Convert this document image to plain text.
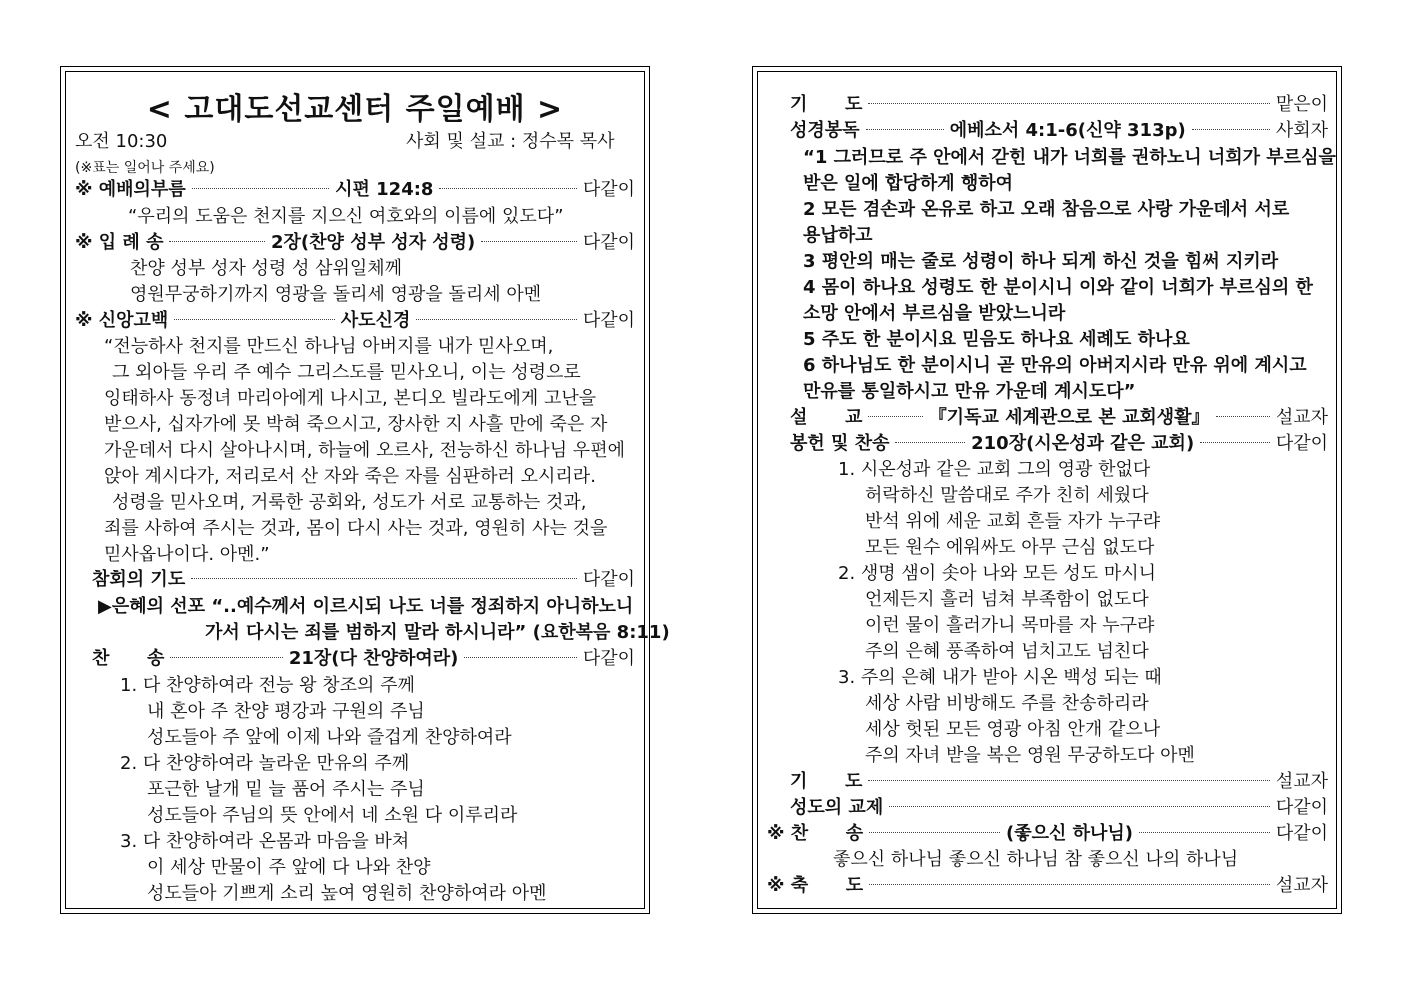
< 고대도선교센터 주일예배 >
오전 10:30	사회 및 설교 : 정수목 목사
(※표는 일어나 주세요)
※ 예배의부름	시편 124:8	다같이
“우리의 도움은 천지를 지으신 여호와의 이름에 있도다”
※ 입 례 송	2장(찬양 성부 성자 성령)	다같이
찬양 성부 성자 성령 성 삼위일체께
영원무궁하기까지 영광을 돌리세 영광을 돌리세 아멘
※ 신앙고백	사도신경	다같이
“전능하사 천지를 만드신 하나님 아버지를 내가 믿사오며,
그 외아들 우리 주 예수 그리스도를 믿사오니, 이는 성령으로
잉태하사 동정녀 마리아에게 나시고, 본디오 빌라도에게 고난을
받으사, 십자가에 못 박혀 죽으시고, 장사한 지 사흘 만에 죽은 자
가운데서 다시 살아나시며, 하늘에 오르사, 전능하신 하나님 우편에
앉아 계시다가, 저리로서 산 자와 죽은 자를 심판하러 오시리라.
성령을 믿사오며, 거룩한 공회와, 성도가 서로 교통하는 것과,
죄를 사하여 주시는 것과, 몸이 다시 사는 것과, 영원히 사는 것을
믿사옵나이다. 아멘.”
참회의 기도	다같이
▶은혜의 선포 “..예수께서 이르시되 나도 너를 정죄하지 아니하노니
가서 다시는 죄를 범하지 말라 하시니라” (요한복음 8:11)
찬      송	21장(다 찬양하여라)	다같이
1. 다 찬양하여라 전능 왕 창조의 주께
내 혼아 주 찬양 평강과 구원의 주님
성도들아 주 앞에 이제 나와 즐겁게 찬양하여라
2. 다 찬양하여라 놀라운 만유의 주께
포근한 날개 밑 늘 품어 주시는 주님
성도들아 주님의 뜻 안에서 네 소원 다 이루리라
3. 다 찬양하여라 온몸과 마음을 바쳐
이 세상 만물이 주 앞에 다 나와 찬양
성도들아 기쁘게 소리 높여 영원히 찬양하여라 아멘
기      도	맡은이
성경봉독	에베소서 4:1-6(신약 313p)	사회자
“1 그러므로 주 안에서 갇힌 내가 너희를 권하노니 너희가 부르심을
받은 일에 합당하게 행하여
2 모든 겸손과 온유로 하고 오래 참음으로 사랑 가운데서 서로
용납하고
3 평안의 매는 줄로 성령이 하나 되게 하신 것을 힘써 지키라
4 몸이 하나요 성령도 한 분이시니 이와 같이 너희가 부르심의 한
소망 안에서 부르심을 받았느니라
5 주도 한 분이시요 믿음도 하나요 세례도 하나요
6 하나님도 한 분이시니 곧 만유의 아버지시라 만유 위에 계시고
만유를 통일하시고 만유 가운데 계시도다”
설      교	『기독교 세계관으로 본 교회생활』	설교자
봉헌 및 찬송	210장(시온성과 같은 교회)	다같이
1. 시온성과 같은 교회 그의 영광 한없다
허락하신 말씀대로 주가 친히 세웠다
반석 위에 세운 교회 흔들 자가 누구랴
모든 원수 에워싸도 아무 근심 없도다
2. 생명 샘이 솟아 나와 모든 성도 마시니
언제든지 흘러 넘쳐 부족함이 없도다
이런 물이 흘러가니 목마를 자 누구랴
주의 은혜 풍족하여 넘치고도 넘친다
3. 주의 은혜 내가 받아 시온 백성 되는 때
세상 사람 비방해도 주를 찬송하리라
세상 헛된 모든 영광 아침 안개 같으나
주의 자녀 받을 복은 영원 무궁하도다 아멘
기      도	설교자
성도의 교제	다같이
※ 찬      송	(좋으신 하나님)	다같이
좋으신 하나님 좋으신 하나님 참 좋으신 나의 하나님
※ 축      도	설교자
